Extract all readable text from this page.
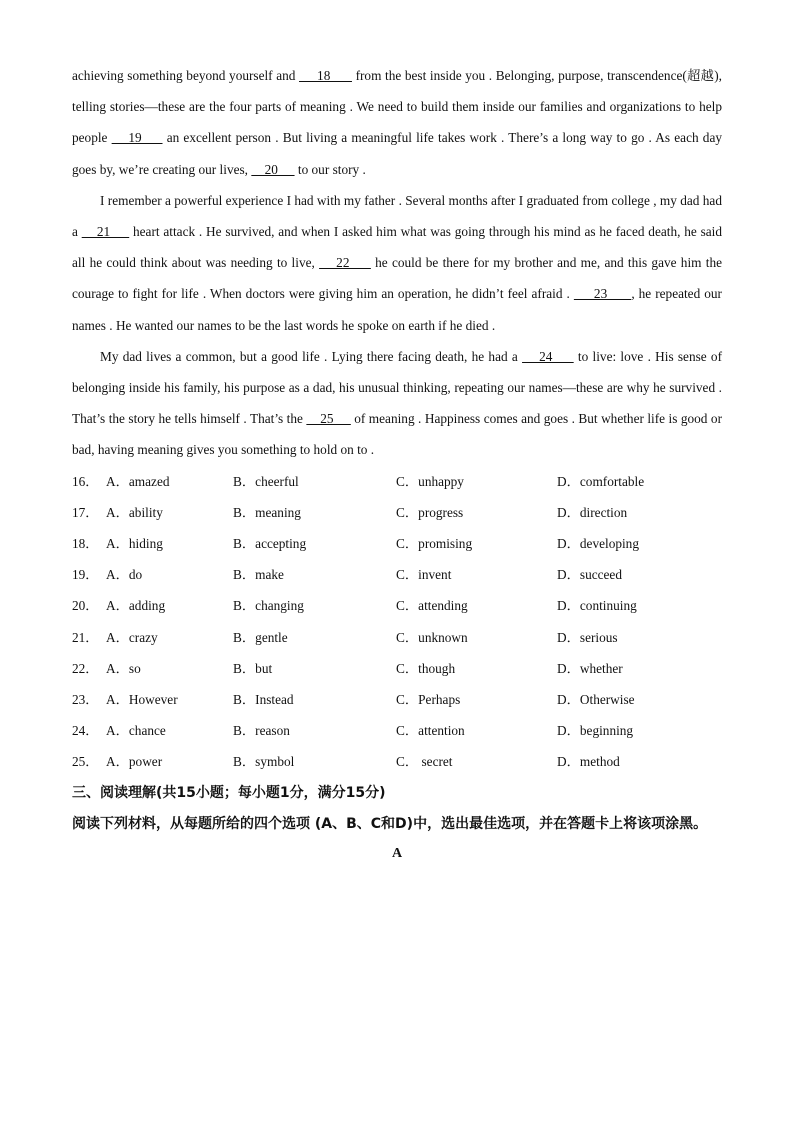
achieving something beyond yourself and      18       from the best inside you . Belonging, purpose, transcendence(超越), telling stories—these are the four parts of meaning . We need to build them inside our families and organizations to help people     19      an excellent person . But living a meaningful life takes work . There’s a long way to go . As each day goes by, we’re creating our lives,     20      to our story .

I remember a powerful experience I had with my father . Several months after I graduated from college , my dad had a     21      heart attack . He survived, and when I asked him what was going through his mind as he faced death, he said all he could think about was needing to live,     22      he could be there for my brother and me, and this gave him the courage to fight for life . When doctors were giving him an operation, he didn’t feel afraid .      23      , he repeated our names . He wanted our names to be the last words he spoke on earth if he died .

My dad lives a common, but a good life . Lying there facing death, he had a     24      to live: love . His sense of belonging inside his family, his purpose as a dad, his unusual thinking, repeating our names—these are why he survived . That’s the story he tells himself . That’s the     25      of meaning . Happiness comes and goes . But whether life is good or bad, having meaning gives you something to hold on to .

16． A．amazed	B．cheerful	C．unhappy	D．comfortable
17． A．ability	B．meaning	C．progress	D．direction
18． A．hiding	B．accepting	C．promising	D．developing
19． A．do	B．make	C．invent	D．succeed
20． A．adding	B．changing	C．attending	D．continuing
21． A．crazy	B．gentle	C．unknown	D．serious
22． A．so	B．but	C．though	D．whether
23． A．However	B．Instead	C．Perhaps	D．Otherwise
24． A．chance	B．reason	C．attention	D．beginning
25． A．power	B．symbol	C． secret	D．method

三、阅读理解(共15小题；每小题1分，满分15分)

阅读下列材料，从每题所给的四个选项 (A、B、C和D)中，选出最佳选项，并在答题卡上将该项涂黑。

A
